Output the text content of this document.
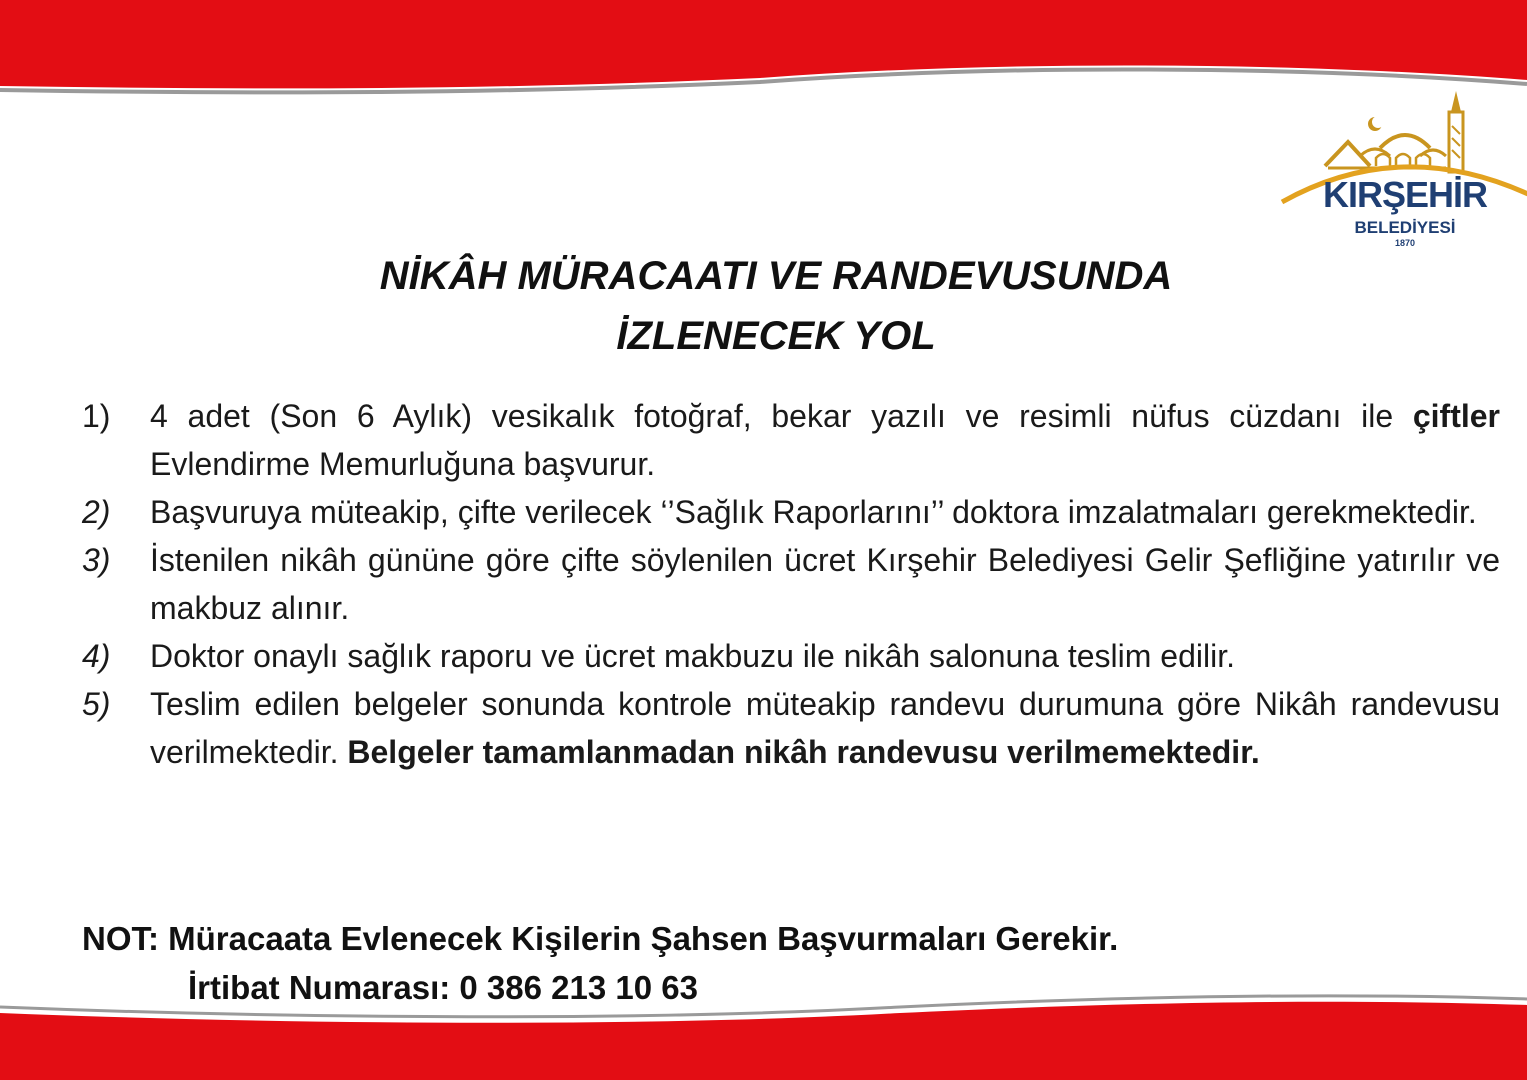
KIRŞEHİR
BELEDİYESİ
1870
NİKÂH MÜRACAATI VE RANDEVUSUNDA
İZLENECEK YOL
1) 4 adet (Son 6 Aylık) vesikalık fotoğraf, bekar yazılı ve resimli nüfus cüzdanı ile çiftler Evlendirme Memurluğuna başvurur.
2) Başvuruya müteakip, çifte verilecek ‘’Sağlık Raporlarını’’ doktora imzalatmaları gerekmektedir.
3) İstenilen nikâh gününe göre çifte söylenilen ücret Kırşehir Belediyesi Gelir Şefliğine yatırılır ve makbuz alınır.
4) Doktor onaylı sağlık raporu ve ücret makbuzu ile nikâh salonuna teslim edilir.
5) Teslim edilen belgeler sonunda kontrole müteakip randevu durumuna göre Nikâh randevusu verilmektedir. Belgeler tamamlanmadan nikâh randevusu verilmemektedir.
NOT: Müracaata Evlenecek Kişilerin Şahsen Başvurmaları Gerekir.
İrtibat Numarası: 0 386 213 10 63
